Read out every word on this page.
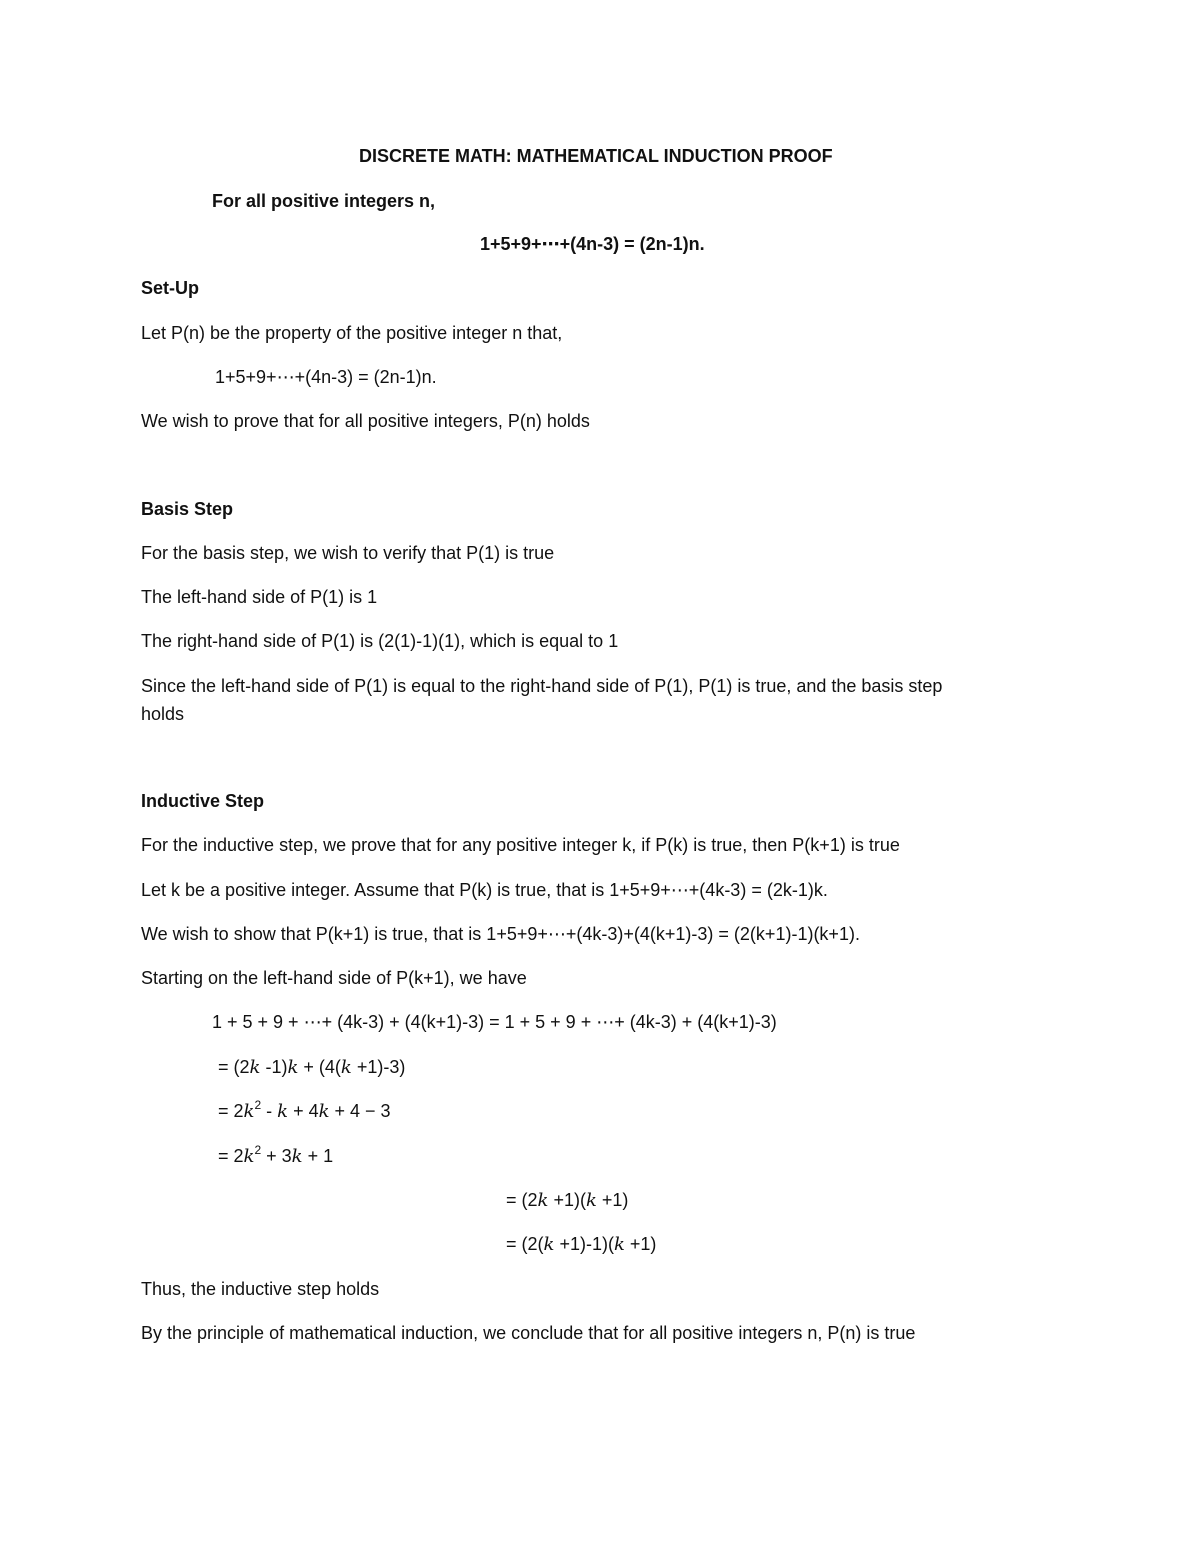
DISCRETE MATH: MATHEMATICAL INDUCTION PROOF
For all positive integers n,
1+5+9+⋯+(4n-3) = (2n-1)n.
Set-Up
Let P(n) be the property of the positive integer n that,
1+5+9+⋯+(4n-3) = (2n-1)n.
We wish to prove that for all positive integers, P(n) holds
Basis Step
For the basis step, we wish to verify that P(1) is true
The left-hand side of P(1) is 1
The right-hand side of P(1) is (2(1)-1)(1), which is equal to 1
Since the left-hand side of P(1) is equal to the right-hand side of P(1), P(1) is true, and the basis step
holds
Inductive Step
For the inductive step, we prove that for any positive integer k, if P(k) is true, then P(k+1) is true
Let k be a positive integer. Assume that P(k) is true, that is 1+5+9+⋯+(4k-3) = (2k-1)k.
We wish to show that P(k+1) is true, that is 1+5+9+⋯+(4k-3)+(4(k+1)-3) = (2(k+1)-1)(k+1).
Starting on the left-hand side of P(k+1), we have
1 + 5 + 9 + ⋯+ (4k-3) + (4(k+1)-3) = 1 + 5 + 9 + ⋯+ (4k-3) + (4(k+1)-3)
= (2k -1)k + (4(k +1)-3)
= $2k^2 - k + 4k + 4 - 3$
= $2k^2 + 3k + 1$
= (2k +1)(k +1)
= (2(k +1)-1)(k +1)
Thus, the inductive step holds
By the principle of mathematical induction, we conclude that for all positive integers n, P(n) is true
